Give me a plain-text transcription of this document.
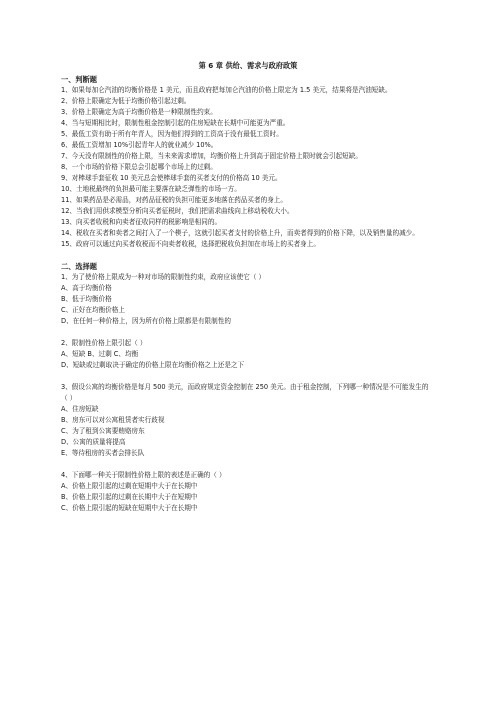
第 6 章 供给、需求与政府政策
一、判断题

1、如果每加仑汽油的均衡价格是 1 美元，而且政府把每加仑汽油的价格上限定为 1.5 美元，结果将是汽油短缺。

2、价格上限确定为低于均衡价格引起过剩。

3、价格上限确定为高于均衡价格是一种限制性约束。

4、当与短期相比时，限制性租金控制引起的住房短缺在长期中可能更为严重。

5、最低工资有助于所有年青人，因为他们得到的工资高于没有最低工资时。

6、最低工资增加 10%引起青年人的就业减少 10%。

7、今天没有限制性的价格上限，当未来需求增加，均衡价格上升到高于固定价格上限时就会引起短缺。

8、一个市场的价格下限总会引起哪个市场上的过剩。

9、对棒球手套征收 10 美元总会使棒球手套的买者支付的价格高 10 美元。

10、土地税最终的负担最可能主要落在缺乏弹性的市场一方。

11、如果药品是必需品，对药品征税的负担可能更多地落在药品买者的身上。

12、当我们用供求模型分析向买者征税时，我们把需求曲线向上移动税收大小。

13、向买者收税和向卖者征收同样的税影响是相同的。

14、税收在买者和卖者之间打入了一个楔子，这就引起买者支付的价格上升，而卖者得到的价格下降，以及销售量的减少。

15、政府可以通过向买者收税而不向卖者收税，选择把税收负担加在市场上的买者身上。

二、选择题

1、为了使价格上限成为一种对市场的限制性约束，政府应该使它（ ）

A、高于均衡价格

B、低于均衡价格

C、正好在均衡价格上

D、在任何一种价格上，因为所有价格上限都是有限制性的

2、限制性价格上限引起（ ）

A、短缺 B、过剩 C、均衡

D、短缺或过剩取决于确定的价格上限在均衡价格之上还是之下

3、假设公寓的均衡价格是每月 500 美元，而政府规定资金控制在 250 美元。由于租金控制，下列哪一种情况是不可能发生的（ ）

A、住房短缺

B、房东可以对公寓租赁者实行歧视

C、为了租到公寓要贿赂房东

D、公寓的质量将提高

E、等待租房的买者会排长队

4、下面哪一种关于限制性价格上限的表述是正确的（ ）

A、价格上限引起的过剩在短期中大于在长期中

B、价格上限引起的过剩在长期中大于在短期中

C、价格上限引起的短缺在短期中大于在长期中
